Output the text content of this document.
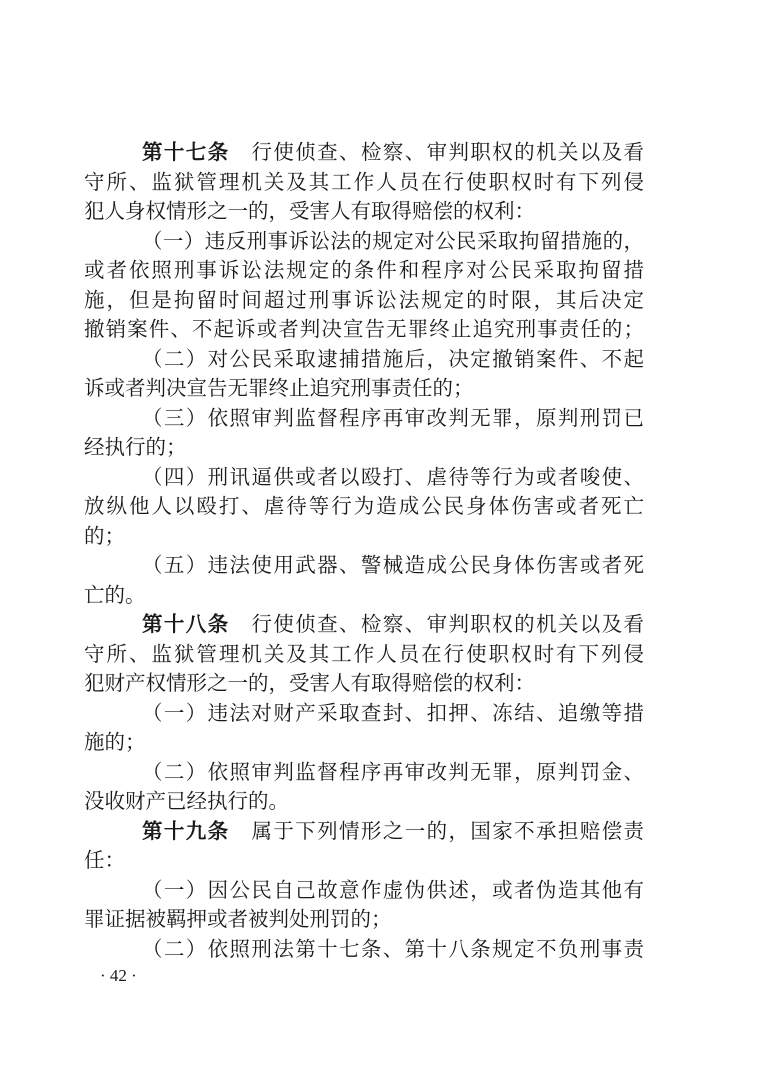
第十七条 行使侦查、检察、审判职权的机关以及看
守所、监狱管理机关及其工作人员在行使职权时有下列侵
犯人身权情形之一的，受害人有取得赔偿的权利：
（一）违反刑事诉讼法的规定对公民采取拘留措施的，
或者依照刑事诉讼法规定的条件和程序对公民采取拘留措
施，但是拘留时间超过刑事诉讼法规定的时限，其后决定
撤销案件、不起诉或者判决宣告无罪终止追究刑事责任的；
（二）对公民采取逮捕措施后，决定撤销案件、不起
诉或者判决宣告无罪终止追究刑事责任的；
（三）依照审判监督程序再审改判无罪，原判刑罚已
经执行的；
（四）刑讯逼供或者以殴打、虐待等行为或者唆使、
放纵他人以殴打、虐待等行为造成公民身体伤害或者死亡
的；
（五）违法使用武器、警械造成公民身体伤害或者死
亡的。
第十八条 行使侦查、检察、审判职权的机关以及看
守所、监狱管理机关及其工作人员在行使职权时有下列侵
犯财产权情形之一的，受害人有取得赔偿的权利：
（一）违法对财产采取查封、扣押、冻结、追缴等措
施的；
（二）依照审判监督程序再审改判无罪，原判罚金、
没收财产已经执行的。
第十九条 属于下列情形之一的，国家不承担赔偿责
任：
（一）因公民自己故意作虚伪供述，或者伪造其他有
罪证据被羁押或者被判处刑罚的；
（二）依照刑法第十七条、第十八条规定不负刑事责
· 42 ·
